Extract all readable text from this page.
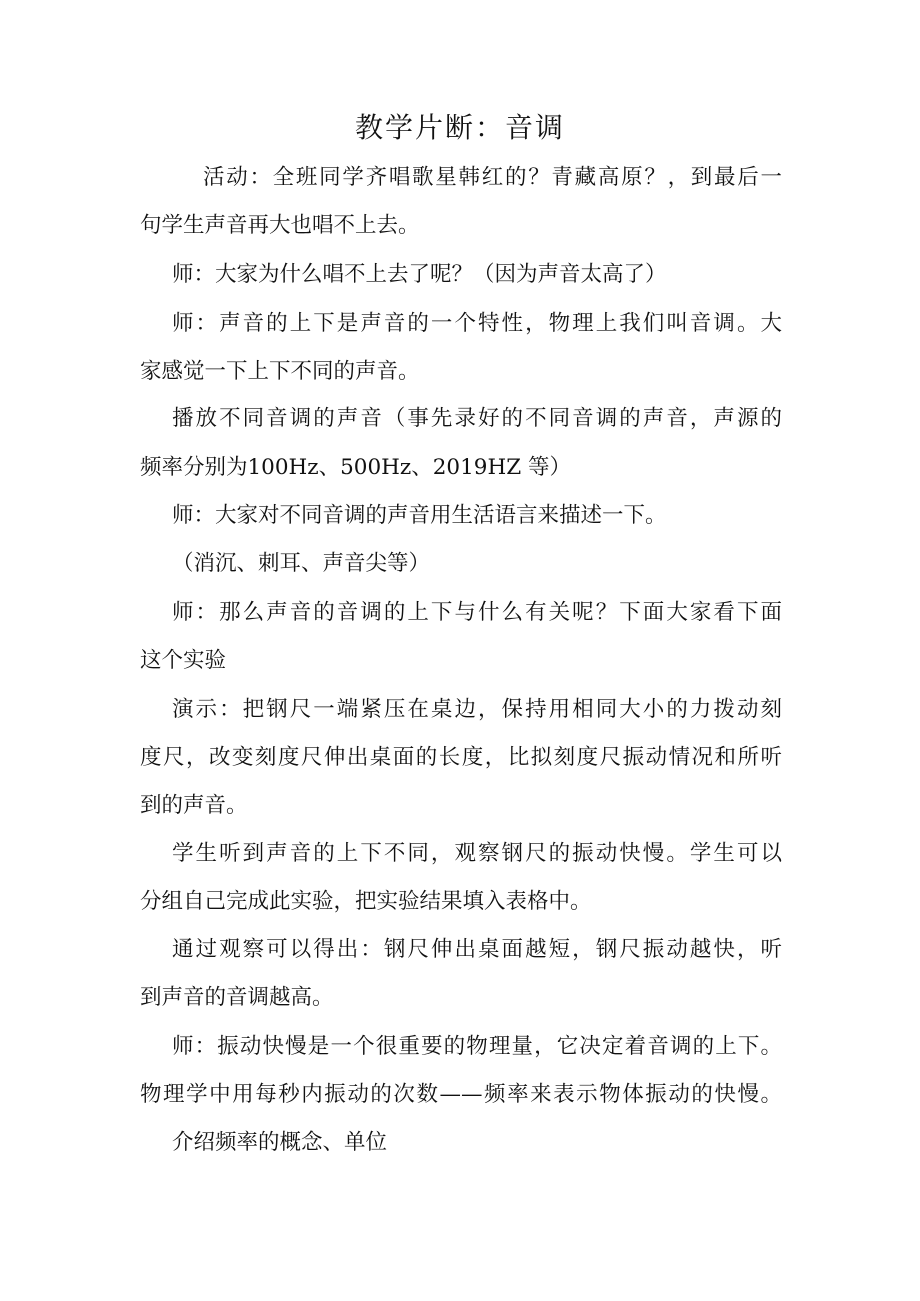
教学片断：音调
活动：全班同学齐唱歌星韩红的？青藏高原？，到最后一
句学生声音再大也唱不上去。
师：大家为什么唱不上去了呢？（因为声音太高了）
师：声音的上下是声音的一个特性，物理上我们叫音调。大
家感觉一下上下不同的声音。
播放不同音调的声音（事先录好的不同音调的声音，声源的
频率分别为100Hz、500Hz、2019HZ 等）
师：大家对不同音调的声音用生活语言来描述一下。
（消沉、刺耳、声音尖等）
师：那么声音的音调的上下与什么有关呢？下面大家看下面
这个实验
演示：把钢尺一端紧压在桌边，保持用相同大小的力拨动刻
度尺，改变刻度尺伸出桌面的长度，比拟刻度尺振动情况和所听
到的声音。
学生听到声音的上下不同，观察钢尺的振动快慢。学生可以
分组自己完成此实验，把实验结果填入表格中。
通过观察可以得出：钢尺伸出桌面越短，钢尺振动越快，听
到声音的音调越高。
师：振动快慢是一个很重要的物理量，它决定着音调的上下。
物理学中用每秒内振动的次数——频率来表示物体振动的快慢。
介绍频率的概念、单位
